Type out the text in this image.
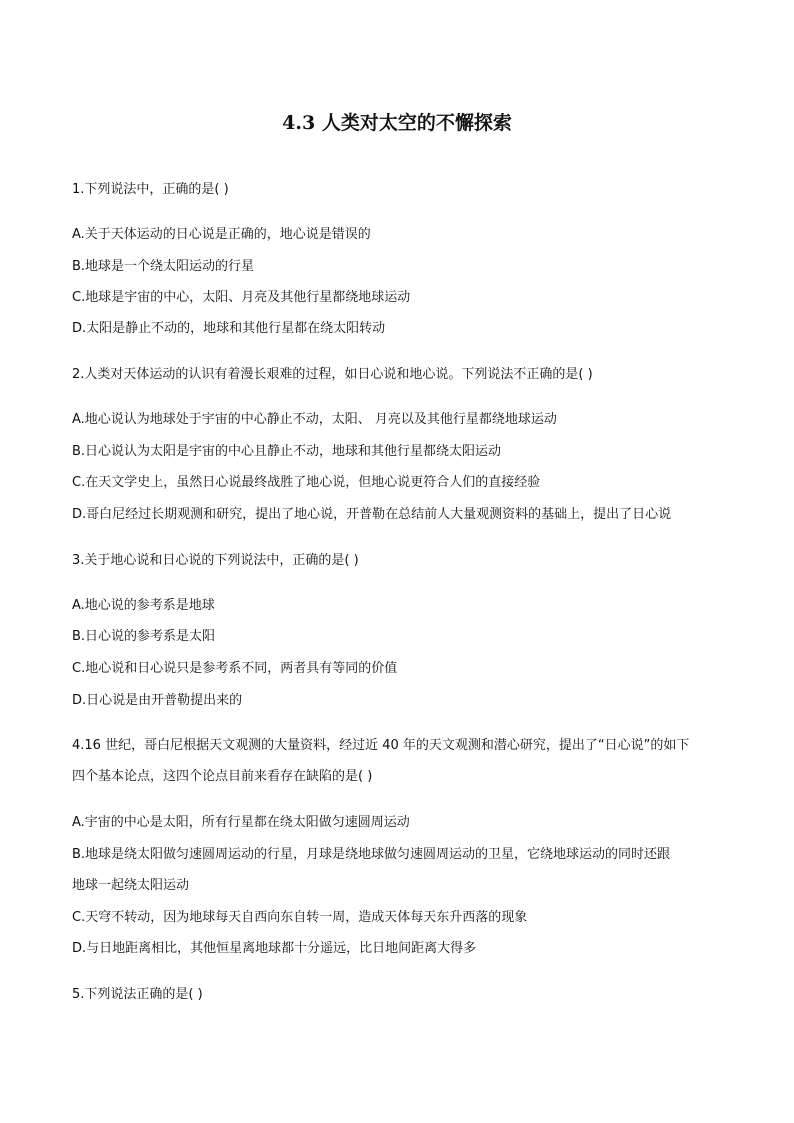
4.3 人类对太空的不懈探索
1.下列说法中，正确的是( )
A.关于天体运动的日心说是正确的，地心说是错误的
B.地球是一个绕太阳运动的行星
C.地球是宇宙的中心，太阳、月亮及其他行星都绕地球运动
D.太阳是静止不动的，地球和其他行星都在绕太阳转动
2.人类对天体运动的认识有着漫长艰难的过程，如日心说和地心说。下列说法不正确的是( )
A.地心说认为地球处于宇宙的中心静止不动，太阳、 月亮以及其他行星都绕地球运动
B.日心说认为太阳是宇宙的中心且静止不动，地球和其他行星都绕太阳运动
C.在天文学史上，虽然日心说最终战胜了地心说，但地心说更符合人们的直接经验
D.哥白尼经过长期观测和研究，提出了地心说，开普勒在总结前人大量观测资料的基础上，提出了日心说
3.关于地心说和日心说的下列说法中，正确的是( )
A.地心说的参考系是地球
B.日心说的参考系是太阳
C.地心说和日心说只是参考系不同，两者具有等同的价值
D.日心说是由开普勒提出来的
4.16 世纪，哥白尼根据天文观测的大量资料，经过近 40 年的天文观测和潜心研究，提出了“日心说”的如下
四个基本论点，这四个论点目前来看存在缺陷的是( )
A.宇宙的中心是太阳，所有行星都在绕太阳做匀速圆周运动
B.地球是绕太阳做匀速圆周运动的行星，月球是绕地球做匀速圆周运动的卫星，它绕地球运动的同时还跟
地球一起绕太阳运动
C.天穹不转动，因为地球每天自西向东自转一周，造成天体每天东升西落的现象
D.与日地距离相比，其他恒星离地球都十分遥远，比日地间距离大得多
5.下列说法正确的是( )
